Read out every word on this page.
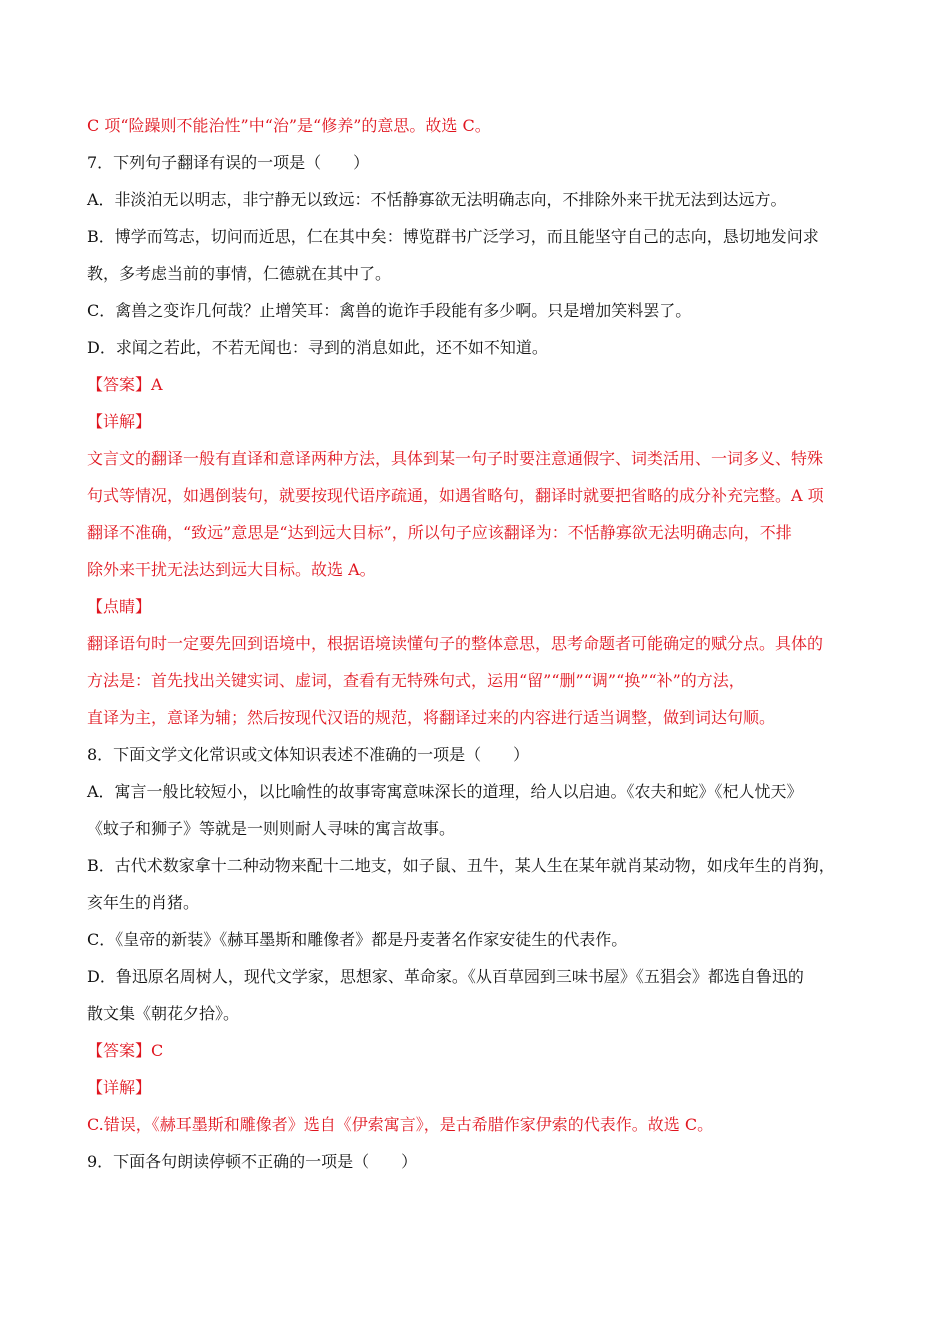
C 项“险躁则不能治性”中“治”是“修养”的意思。故选 C。
7．下列句子翻译有误的一项是（　　）
A．非淡泊无以明志，非宁静无以致远：不恬静寡欲无法明确志向，不排除外来干扰无法到达远方。
B．博学而笃志，切问而近思，仁在其中矣：博览群书广泛学习，而且能坚守自己的志向，恳切地发问求
教，多考虑当前的事情，仁德就在其中了。
C．禽兽之变诈几何哉？止增笑耳：禽兽的诡诈手段能有多少啊。只是增加笑料罢了。
D．求闻之若此，不若无闻也：寻到的消息如此，还不如不知道。
【答案】A
【详解】
文言文的翻译一般有直译和意译两种方法，具体到某一句子时要注意通假字、词类活用、一词多义、特殊
句式等情况，如遇倒装句，就要按现代语序疏通，如遇省略句，翻译时就要把省略的成分补充完整。A 项
翻译不准确，“致远”意思是“达到远大目标”，所以句子应该翻译为：不恬静寡欲无法明确志向，不排
除外来干扰无法达到远大目标。故选 A。
【点睛】
翻译语句时一定要先回到语境中，根据语境读懂句子的整体意思，思考命题者可能确定的赋分点。具体的
方法是：首先找出关键实词、虚词，查看有无特殊句式，运用“留”“删”“调”“换”“补”的方法，
直译为主，意译为辅；然后按现代汉语的规范，将翻译过来的内容进行适当调整，做到词达句顺。
8．下面文学文化常识或文体知识表述不准确的一项是（　　）
A．寓言一般比较短小，以比喻性的故事寄寓意味深长的道理，给人以启迪。《农夫和蛇》《杞人忧天》
《蚊子和狮子》等就是一则则耐人寻味的寓言故事。
B．古代术数家拿十二种动物来配十二地支，如子鼠、丑牛，某人生在某年就肖某动物，如戌年生的肖狗，
亥年生的肖猪。
C．《皇帝的新装》《赫耳墨斯和雕像者》都是丹麦著名作家安徒生的代表作。
D．鲁迅原名周树人，现代文学家，思想家、革命家。《从百草园到三味书屋》《五猖会》都选自鲁迅的
散文集《朝花夕拾》。
【答案】C
【详解】
C.错误，《赫耳墨斯和雕像者》选自《伊索寓言》，是古希腊作家伊索的代表作。故选 C。
9．下面各句朗读停顿不正确的一项是（　　）
